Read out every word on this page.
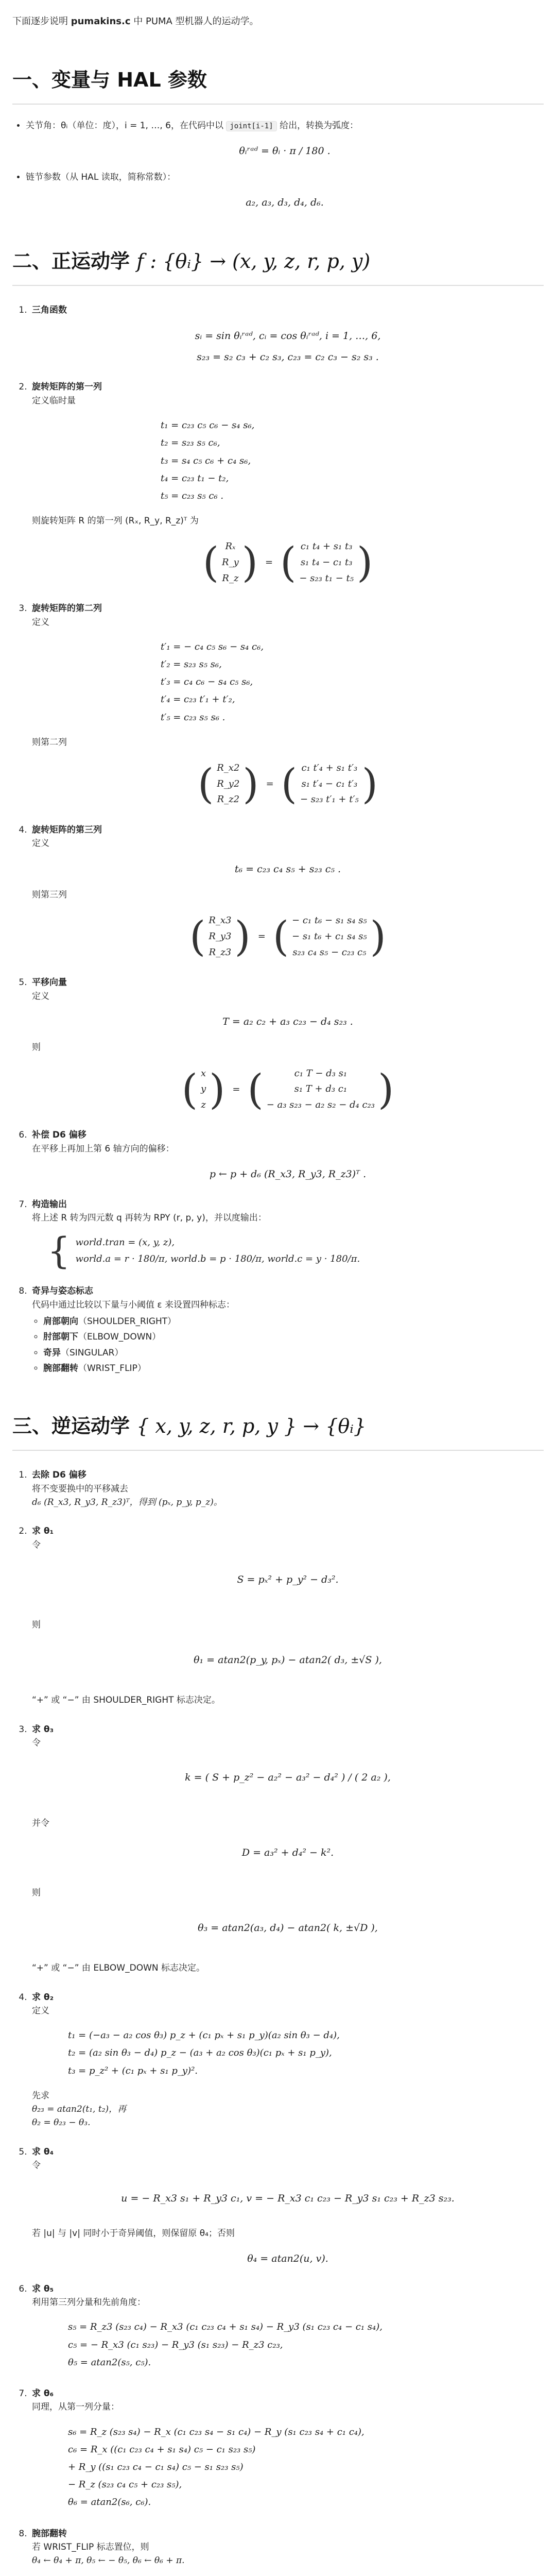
下面逐步说明 pumakins.c 中 PUMA 型机器人的运动学。

一、变量与 HAL 参数
• 关节角：θᵢ（单位：度），i = 1, …, 6，在代码中以 joint[i-1] 给出，转换为弧度：
θᵢʳᵃᵈ = θᵢ · π / 180 .
• 链节参数（从 HAL 读取，简称常数）：
a₂, a₃, d₃, d₄, d₆.
二、正运动学 f : {θᵢ} → (x, y, z, r, p, y)
1. 三角函数
sᵢ = sin θᵢʳᵃᵈ, cᵢ = cos θᵢʳᵃᵈ, i = 1, …, 6,
s₂₃ = s₂ c₃ + c₂ s₃, c₂₃ = c₂ c₃ − s₂ s₃ .
2. 旋转矩阵的第一列
定义临时量
t₁ = c₂₃ c₅ c₆ − s₄ s₆,
t₂ = s₂₃ s₅ c₆,
t₃ = s₄ c₅ c₆ + c₄ s₆,
t₄ = c₂₃ t₁ − t₂,
t₅ = c₂₃ s₅ c₆ .
则旋转矩阵 R 的第一列 (Rₓ, R_y, R_z)ᵀ 为
( Rₓ
R_y
R_z ) = ( c₁ t₄ + s₁ t₃
s₁ t₄ − c₁ t₃
− s₂₃ t₁ − t₅ )
3. 旋转矩阵的第二列
定义
t′₁ = − c₄ c₅ s₆ − s₄ c₆,
t′₂ = s₂₃ s₅ s₆,
t′₃ = c₄ c₆ − s₄ c₅ s₆,
t′₄ = c₂₃ t′₁ + t′₂,
t′₅ = c₂₃ s₅ s₆ .
则第二列
( R_x2
R_y2
R_z2 ) = ( c₁ t′₄ + s₁ t′₃
s₁ t′₄ − c₁ t′₃
− s₂₃ t′₁ + t′₅ )
4. 旋转矩阵的第三列
定义
t₆ = c₂₃ c₄ s₅ + s₂₃ c₅ .
则第三列
( R_x3
R_y3
R_z3 ) = ( − c₁ t₆ − s₁ s₄ s₅
− s₁ t₆ + c₁ s₄ s₅
s₂₃ c₄ s₅ − c₂₃ c₅ )
5. 平移向量
定义
T = a₂ c₂ + a₃ c₂₃ − d₄ s₂₃ .
则
( x
y
z ) = (	c₁ T − d₃ s₁
s₁ T + d₃ c₁
− a₃ s₂₃ − a₂ s₂ − d₄ c₂₃ )
6. 补偿 D6 偏移
在平移上再加上第 6 轴方向的偏移：
p ← p + d₆ (R_x3, R_y3, R_z3)ᵀ .
7. 构造输出
将上述 R 转为四元数 q 再转为 RPY (r, p, y)，并以度输出：
{ world.tran = (x, y, z),
world.a = r · 180/π, world.b = p · 180/π, world.c = y · 180/π.
8. 奇异与姿态标志
代码中通过比较以下量与小阈值 ε 来设置四种标志：
◦ 肩部朝向（SHOULDER_RIGHT）
◦ 肘部朝下（ELBOW_DOWN）
◦ 奇异（SINGULAR）
◦ 腕部翻转（WRIST_FLIP）
三、逆运动学 { x, y, z, r, p, y } → {θᵢ}
1. 去除 D6 偏移
将不变要换中的平移减去
d₆ (R_x3, R_y3, R_z3)ᵀ，得到 (pₓ, p_y, p_z)。
2. 求 θ₁
令
S = pₓ² + p_y² − d₃².
则
θ₁ = atan2(p_y, pₓ) − atan2( d₃, ±√S ),
“+” 或 “−” 由 SHOULDER_RIGHT 标志决定。
3. 求 θ₃
令
k = ( S + p_z² − a₂² − a₃² − d₄² ) / ( 2 a₂ ),
并令
D = a₃² + d₄² − k².
则
θ₃ = atan2(a₃, d₄) − atan2( k, ±√D ),
“+” 或 “−” 由 ELBOW_DOWN 标志决定。
4. 求 θ₂
定义
t₁ = (−a₃ − a₂ cos θ₃) p_z + (c₁ pₓ + s₁ p_y)(a₂ sin θ₃ − d₄),
t₂ = (a₂ sin θ₃ − d₄) p_z − (a₃ + a₂ cos θ₃)(c₁ pₓ + s₁ p_y),
t₃ = p_z² + (c₁ pₓ + s₁ p_y)².
先求
θ₂₃ = atan2(t₁, t₂)，再
θ₂ = θ₂₃ − θ₃.
5. 求 θ₄
令
u = − R_x3 s₁ + R_y3 c₁, v = − R_x3 c₁ c₂₃ − R_y3 s₁ c₂₃ + R_z3 s₂₃.
若 |u| 与 |v| 同时小于奇异阈值，则保留原 θ₄；否则
θ₄ = atan2(u, v).
6. 求 θ₅
利用第三列分量和先前角度：
s₅ = R_z3 (s₂₃ c₄) − R_x3 (c₁ c₂₃ c₄ + s₁ s₄) − R_y3 (s₁ c₂₃ c₄ − c₁ s₄),
c₅ = − R_x3 (c₁ s₂₃) − R_y3 (s₁ s₂₃) − R_z3 c₂₃,
θ₅ = atan2(s₅, c₅).
7. 求 θ₆
同理，从第一列分量：
s₆ = R_z (s₂₃ s₄) − R_x (c₁ c₂₃ s₄ − s₁ c₄) − R_y (s₁ c₂₃ s₄ + c₁ c₄),
c₆ = R_x ((c₁ c₂₃ c₄ + s₁ s₄) c₅ − c₁ s₂₃ s₅)
+ R_y ((s₁ c₂₃ c₄ − c₁ s₄) c₅ − s₁ s₂₃ s₅)
− R_z (s₂₃ c₄ c₅ + c₂₃ s₅),
θ₆ = atan2(s₆, c₆).
8. 腕部翻转
若 WRIST_FLIP 标志置位，则
θ₄ ← θ₄ + π, θ₅ ← − θ₅, θ₆ ← θ₆ + π.
